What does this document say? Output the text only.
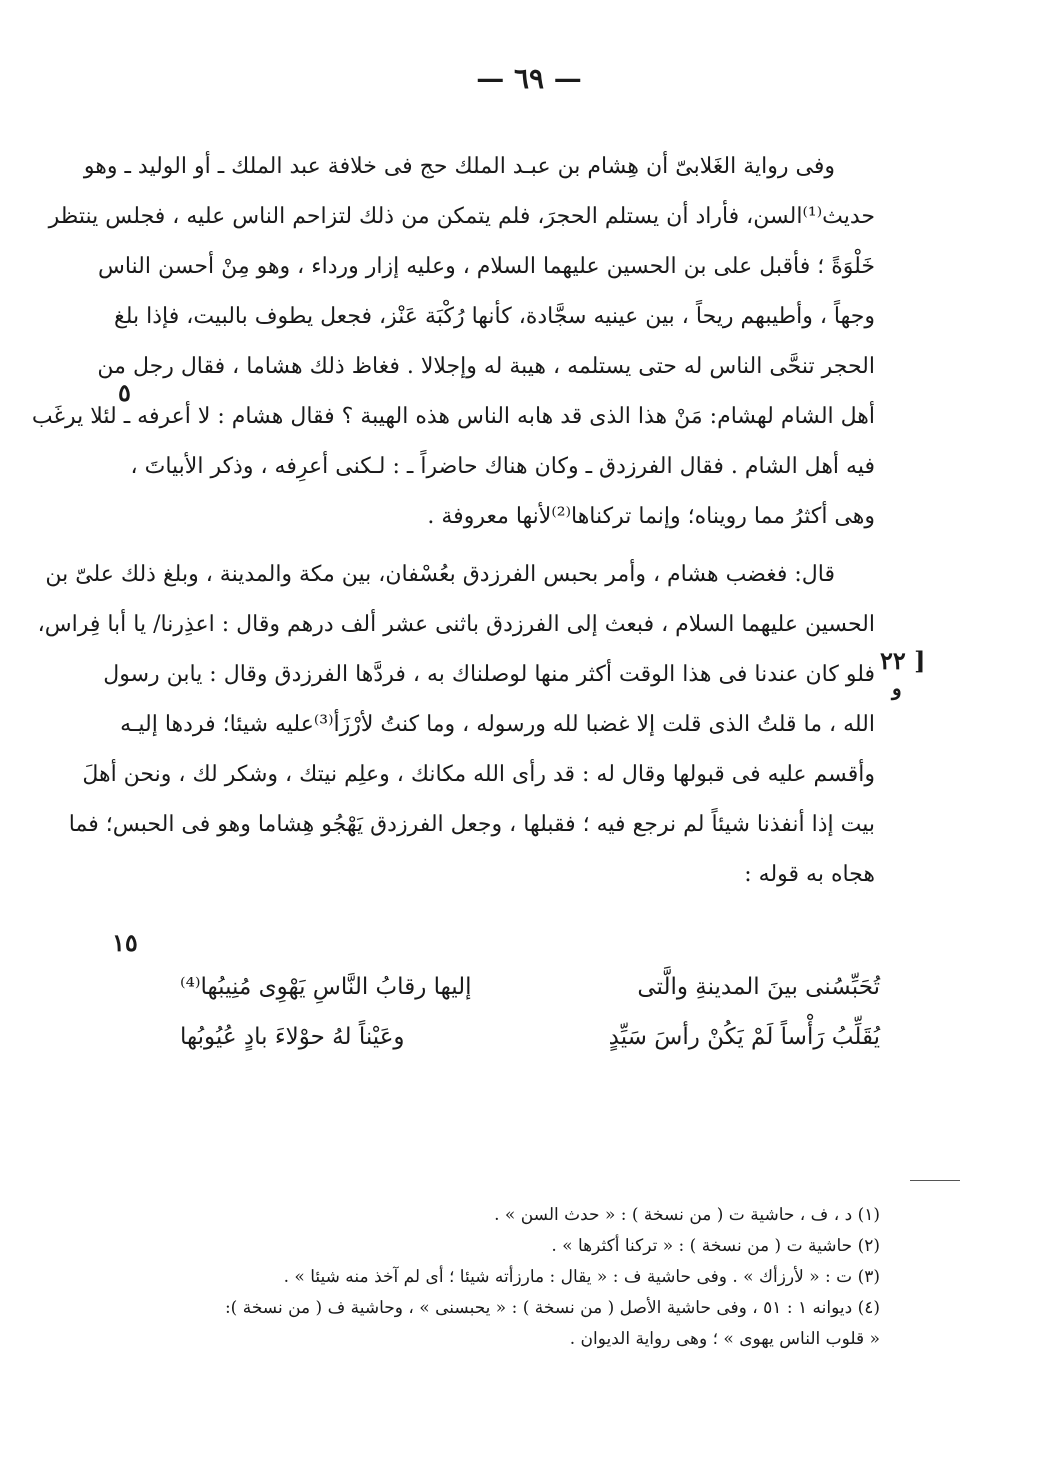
— ٦٩ —
وفى رواية الغَلابىّ أن هِشام بن عبـد الملك حج فى خلافة عبد الملك ـ أو الوليد ـ وهو
حديث⁽¹⁾السن، فأراد أن يستلم الحجرَ، فلم يتمكن من ذلك لتزاحم الناس عليه ، فجلس ينتظر
خَلْوَةً ؛ فأقبل على بن الحسين عليهما السلام ، وعليه إزار ورداء ، وهو مِنْ أحسن الناس
وجهاً ، وأطيبهم ريحاً ، بين عينيه سجَّادة، كأنها رُكْبَة عَنْز، فجعل يطوف بالبيت، فإذا بلغ
الحجر تنحَّى الناس له حتى يستلمه ، هيبة له وإجلالا . فغاظ ذلك هشاما ، فقال رجل من
أهل الشام لهشام: مَنْ هذا الذى قد هابه الناس هذه الهيبة ؟ فقال هشام : لا أعرفه ـ لئلا يرغَب
فيه أهل الشام . فقال الفرزدق ـ وكان هناك حاضراً ـ : لـكنى أعرِفه ، وذكر الأبياتَ ،
وهى أكثرُ مما رويناه؛ وإنما تركناها⁽²⁾لأنها معروفة .
قال: فغضب هشام ، وأمر بحبس الفرزدق بعُسْفان، بين مكة والمدينة ، وبلغ ذلك علىّ بن
الحسين عليهما السلام ، فبعث إلى الفرزدق باثنى عشر ألف درهم وقال : اعذِرنا/ يا أبا فِراس،
فلو كان عندنا فى هذا الوقت أكثر منها لوصلناك به ، فردَّها الفرزدق وقال : يابن رسول
الله ، ما قلتُ الذى قلت إلا غضبا لله ورسوله ، وما كنتُ لأرْزَأ⁽³⁾عليه شيئا؛ فردها إليـه
وأقسم عليه فى قبولها وقال له : قد رأى الله مكانك ، وعلِم نيتك ، وشكر لك ، ونحن أهلَ
بيت إذا أنفذنا شيئاً لم نرجع فيه ؛ فقبلها ، وجعل الفرزدق يَهْجُو هِشاما وهو فى الحبس؛ فما
هجاه به قوله :
٥
[ ٢٢
و
١٥
تُحَبِّسُنى بينَ المدينةِ والَّتى
إليها رقابُ النَّاسِ يَهْوِى مُنِيبُها⁽⁴⁾
يُقَلِّبُ رَأْساً لَمْ يَكُنْ رأسَ سَيِّدٍ
وعَيْناً لهُ حوْلاءَ بادٍ عُيُوبُها
(١) د ، ف ، حاشية ت ( من نسخة ) : « حدث السن » .
(٢) حاشية ت ( من نسخة ) : « تركنا أكثرها » .
(٣) ت : « لأرزأك » . وفى حاشية ف : « يقال : مارزأته شيئا ؛ أى لم آخذ منه شيئا » .
(٤) ديوانه ١ : ٥١ ، وفى حاشية الأصل ( من نسخة ) : « يحبسنى » ، وحاشية ف ( من نسخة ):
« قلوب الناس يهوى » ؛ وهى رواية الديوان .
